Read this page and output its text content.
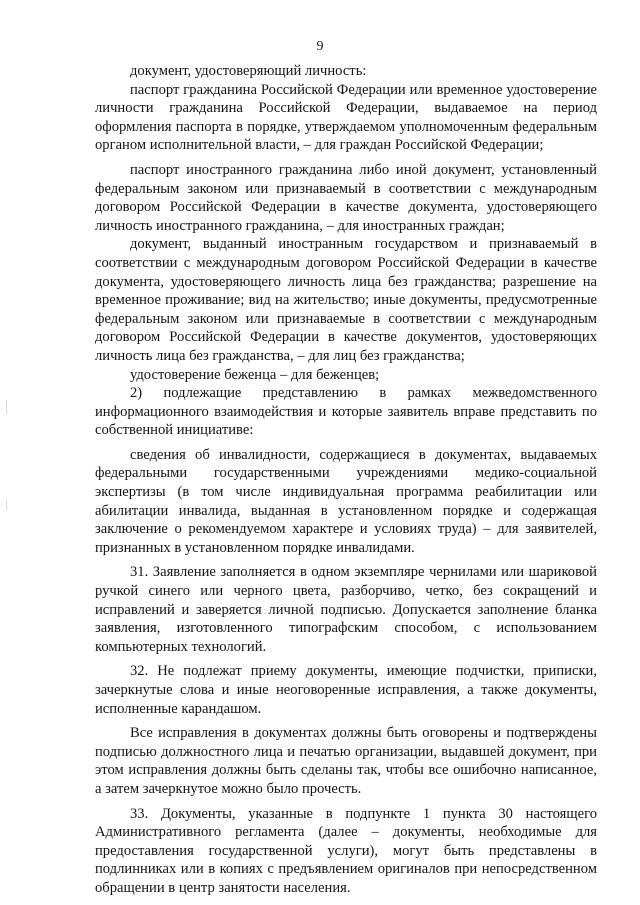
9

документ, удостоверяющий личность:

паспорт гражданина Российской Федерации или временное удостоверение личности гражданина Российской Федерации, выдаваемое на период оформления паспорта в порядке, утверждаемом уполномоченным федеральным органом исполнительной власти, – для граждан Российской Федерации;

паспорт иностранного гражданина либо иной документ, установленный федеральным законом или признаваемый в соответствии с международным договором Российской Федерации в качестве документа, удостоверяющего личность иностранного гражданина, – для иностранных граждан;

документ, выданный иностранным государством и признаваемый в соответствии с международным договором Российской Федерации в качестве документа, удостоверяющего личность лица без гражданства; разрешение на временное проживание; вид на жительство; иные документы, предусмотренные федеральным законом или признаваемые в соответствии с международным договором Российской Федерации в качестве документов, удостоверяющих личность лица без гражданства, – для лиц без гражданства;

удостоверение беженца – для беженцев;

2) подлежащие представлению в рамках межведомственного информационного взаимодействия и которые заявитель вправе представить по собственной инициативе:

сведения об инвалидности, содержащиеся в документах, выдаваемых федеральными государственными учреждениями медико-социальной экспертизы (в том числе индивидуальная программа реабилитации или абилитации инвалида, выданная в установленном порядке и содержащая заключение о рекомендуемом характере и условиях труда) – для заявителей, признанных в установленном порядке инвалидами.

31. Заявление заполняется в одном экземпляре чернилами или шариковой ручкой синего или черного цвета, разборчиво, четко, без сокращений и исправлений и заверяется личной подписью. Допускается заполнение бланка заявления, изготовленного типографским способом, с использованием компьютерных технологий.

32. Не подлежат приему документы, имеющие подчистки, приписки, зачеркнутые слова и иные неоговоренные исправления, а также документы, исполненные карандашом.

Все исправления в документах должны быть оговорены и подтверждены подписью должностного лица и печатью организации, выдавшей документ, при этом исправления должны быть сделаны так, чтобы все ошибочно написанное, а затем зачеркнутое можно было прочесть.

33. Документы, указанные в подпункте 1 пункта 30 настоящего Административного регламента (далее – документы, необходимые для предоставления государственной услуги), могут быть представлены в подлинниках или в копиях с предъявлением оригиналов при непосредственном обращении в центр занятости населения.
